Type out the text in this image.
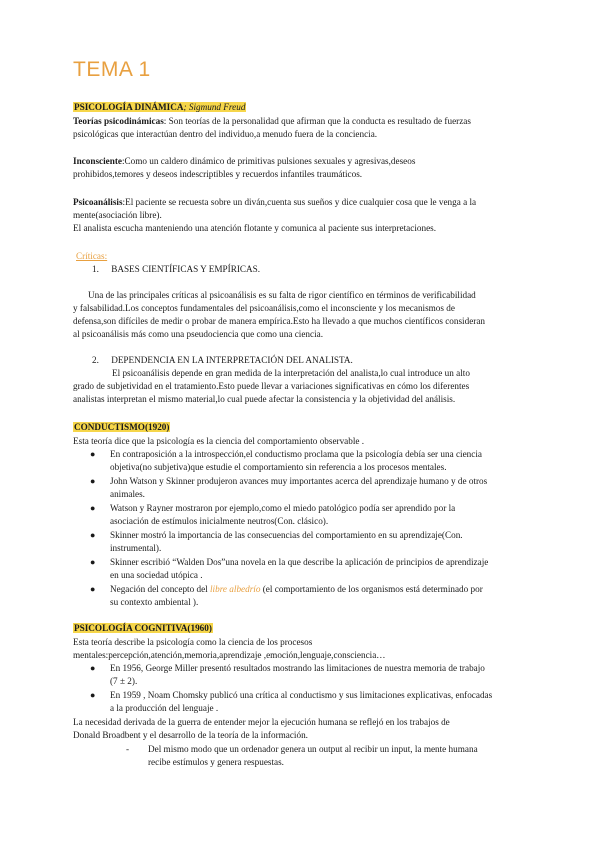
TEMA 1
PSICOLOGÍA DINÁMICA; Sigmund Freud
Teorías psicodinámicas: Son teorías de la personalidad que afirman que la conducta es resultado de fuerzas
psicológicas que interactúan dentro del individuo,a menudo fuera de la conciencia.
Inconsciente:Como un caldero dinámico de primitivas pulsiones sexuales y agresivas,deseos
prohibidos,temores y deseos indescriptibles y recuerdos infantiles traumáticos.
Psicoanálisis:El paciente se recuesta sobre un diván,cuenta sus sueños y dice cualquier cosa que le venga a la
mente(asociación libre).
El analista escucha manteniendo una atención flotante y comunica al paciente sus interpretaciones.
Críticas:
1. BASES CIENTÍFICAS Y EMPÍRICAS.
Una de las principales críticas al psicoanálisis es su falta de rigor científico en términos de verificabilidad
y falsabilidad.Los conceptos fundamentales del psicoanálisis,como el inconsciente y los mecanismos de
defensa,son difíciles de medir o probar de manera empírica.Esto ha llevado a que muchos científicos consideran
al psicoanálisis más como una pseudociencia que como una ciencia.
2. DEPENDENCIA EN LA INTERPRETACIÓN DEL ANALISTA.
El psicoanálisis depende en gran medida de la interpretación del analista,lo cual introduce un alto
grado de subjetividad en el tratamiento.Esto puede llevar a variaciones significativas en cómo los diferentes
analistas interpretan el mismo material,lo cual puede afectar la consistencia y la objetividad del análisis.
CONDUCTISMO(1920)
Esta teoría dice que la psicología es la ciencia del comportamiento observable .
● En contraposición a la introspección,el conductismo proclama que la psicología debía ser una ciencia
objetiva(no subjetiva)que estudie el comportamiento sin referencia a los procesos mentales.
● John Watson y Skinner produjeron avances muy importantes acerca del aprendizaje humano y de otros
animales.
● Watson y Rayner mostraron por ejemplo,como el miedo patológico podía ser aprendido por la
asociación de estímulos inicialmente neutros(Con. clásico).
● Skinner mostró la importancia de las consecuencias del comportamiento en su aprendizaje(Con.
instrumental).
● Skinner escribió “Walden Dos”una novela en la que describe la aplicación de principios de aprendizaje
en una sociedad utópica .
● Negación del concepto del libre albedrío (el comportamiento de los organismos está determinado por
su contexto ambiental ).
PSICOLOGÍA COGNITIVA(1960)
Esta teoría describe la psicología como la ciencia de los procesos
mentales:percepción,atención,memoria,aprendizaje ,emoción,lenguaje,consciencia…
● En 1956, George Miller presentó resultados mostrando las limitaciones de nuestra memoria de trabajo
(7 ± 2).
● En 1959 , Noam Chomsky publicó una crítica al conductismo y sus limitaciones explicativas, enfocadas
a la producción del lenguaje .
La necesidad derivada de la guerra de entender mejor la ejecución humana se reflejó en los trabajos de
Donald Broadbent y el desarrollo de la teoría de la información.
-	Del mismo modo que un ordenador genera un output al recibir un input, la mente humana
recibe estímulos y genera respuestas.
